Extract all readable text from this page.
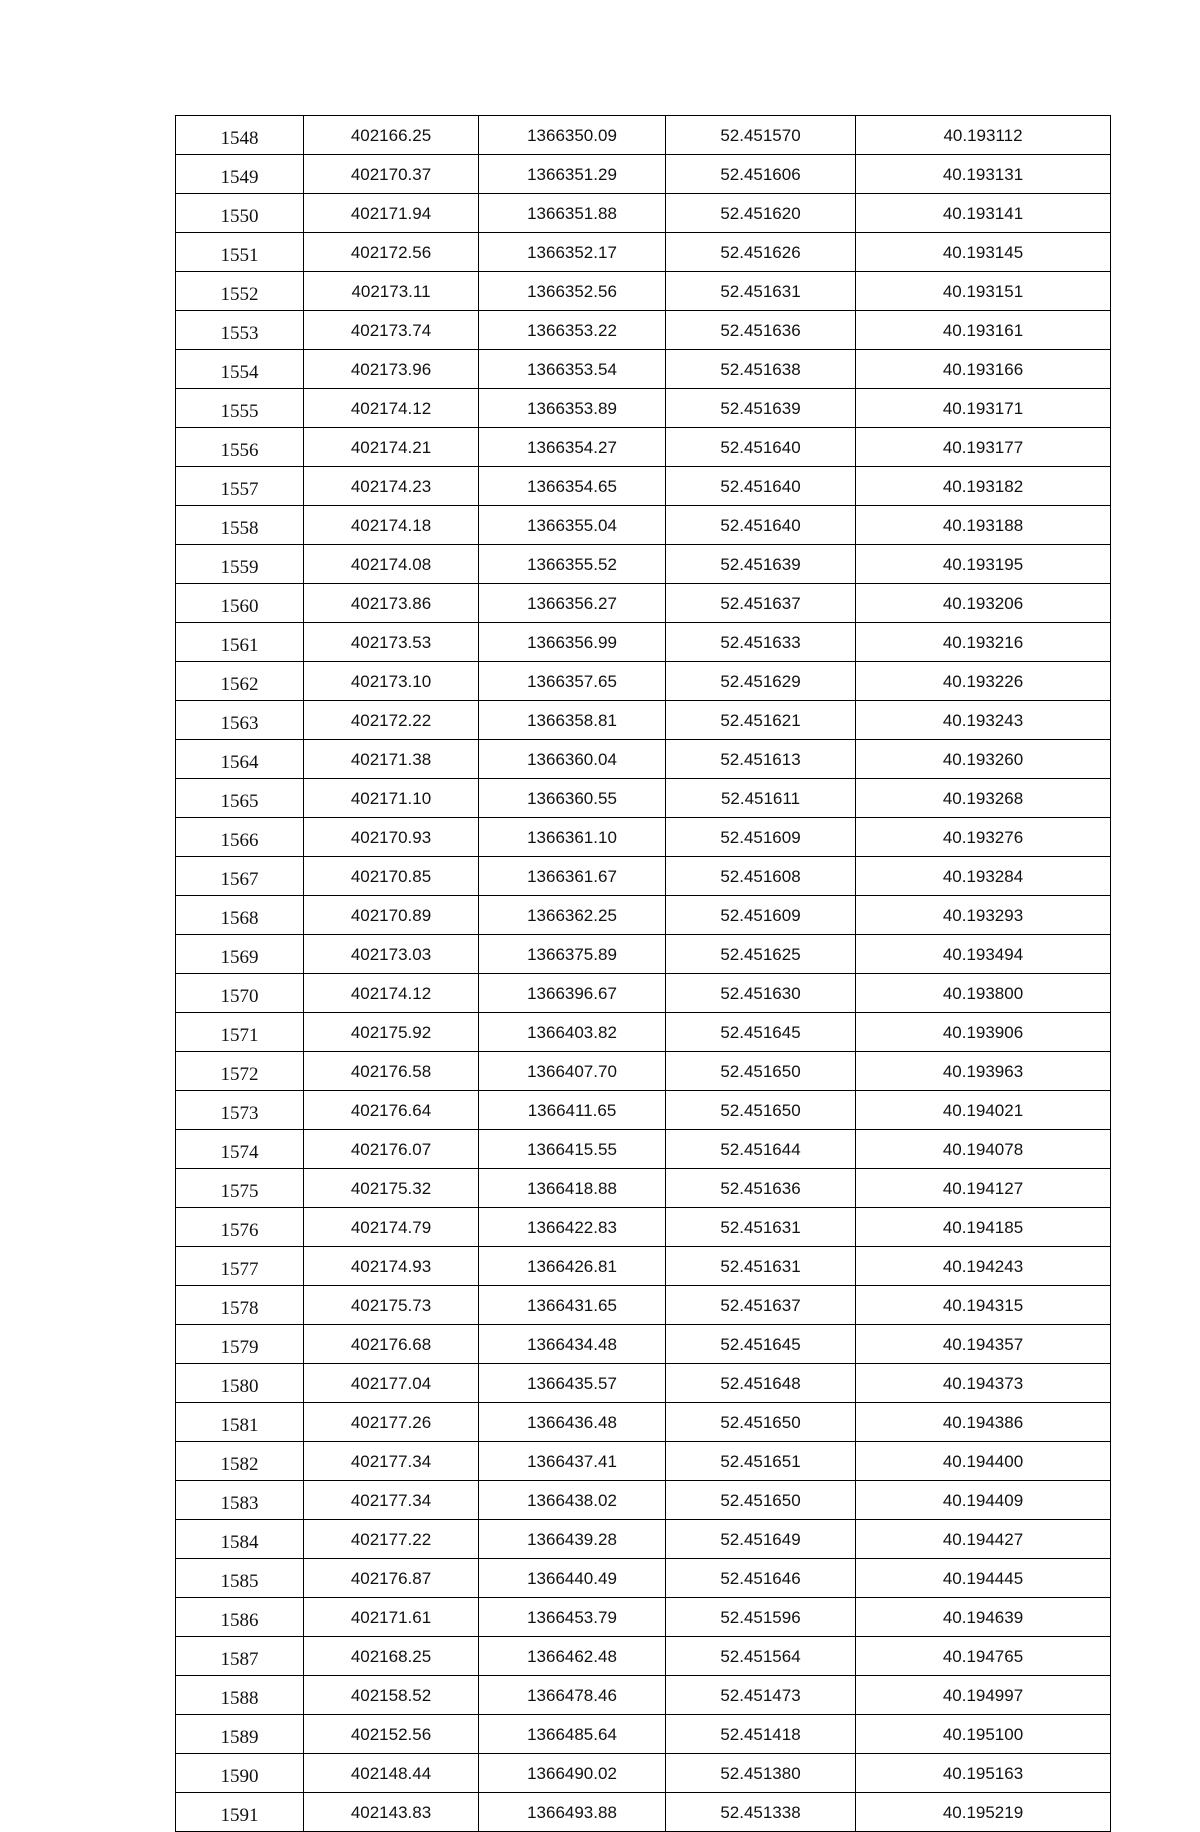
1548	402166.25	1366350.09	52.451570	40.193112
1549	402170.37	1366351.29	52.451606	40.193131
1550	402171.94	1366351.88	52.451620	40.193141
1551	402172.56	1366352.17	52.451626	40.193145
1552	402173.11	1366352.56	52.451631	40.193151
1553	402173.74	1366353.22	52.451636	40.193161
1554	402173.96	1366353.54	52.451638	40.193166
1555	402174.12	1366353.89	52.451639	40.193171
1556	402174.21	1366354.27	52.451640	40.193177
1557	402174.23	1366354.65	52.451640	40.193182
1558	402174.18	1366355.04	52.451640	40.193188
1559	402174.08	1366355.52	52.451639	40.193195
1560	402173.86	1366356.27	52.451637	40.193206
1561	402173.53	1366356.99	52.451633	40.193216
1562	402173.10	1366357.65	52.451629	40.193226
1563	402172.22	1366358.81	52.451621	40.193243
1564	402171.38	1366360.04	52.451613	40.193260
1565	402171.10	1366360.55	52.451611	40.193268
1566	402170.93	1366361.10	52.451609	40.193276
1567	402170.85	1366361.67	52.451608	40.193284
1568	402170.89	1366362.25	52.451609	40.193293
1569	402173.03	1366375.89	52.451625	40.193494
1570	402174.12	1366396.67	52.451630	40.193800
1571	402175.92	1366403.82	52.451645	40.193906
1572	402176.58	1366407.70	52.451650	40.193963
1573	402176.64	1366411.65	52.451650	40.194021
1574	402176.07	1366415.55	52.451644	40.194078
1575	402175.32	1366418.88	52.451636	40.194127
1576	402174.79	1366422.83	52.451631	40.194185
1577	402174.93	1366426.81	52.451631	40.194243
1578	402175.73	1366431.65	52.451637	40.194315
1579	402176.68	1366434.48	52.451645	40.194357
1580	402177.04	1366435.57	52.451648	40.194373
1581	402177.26	1366436.48	52.451650	40.194386
1582	402177.34	1366437.41	52.451651	40.194400
1583	402177.34	1366438.02	52.451650	40.194409
1584	402177.22	1366439.28	52.451649	40.194427
1585	402176.87	1366440.49	52.451646	40.194445
1586	402171.61	1366453.79	52.451596	40.194639
1587	402168.25	1366462.48	52.451564	40.194765
1588	402158.52	1366478.46	52.451473	40.194997
1589	402152.56	1366485.64	52.451418	40.195100
1590	402148.44	1366490.02	52.451380	40.195163
1591	402143.83	1366493.88	52.451338	40.195219
